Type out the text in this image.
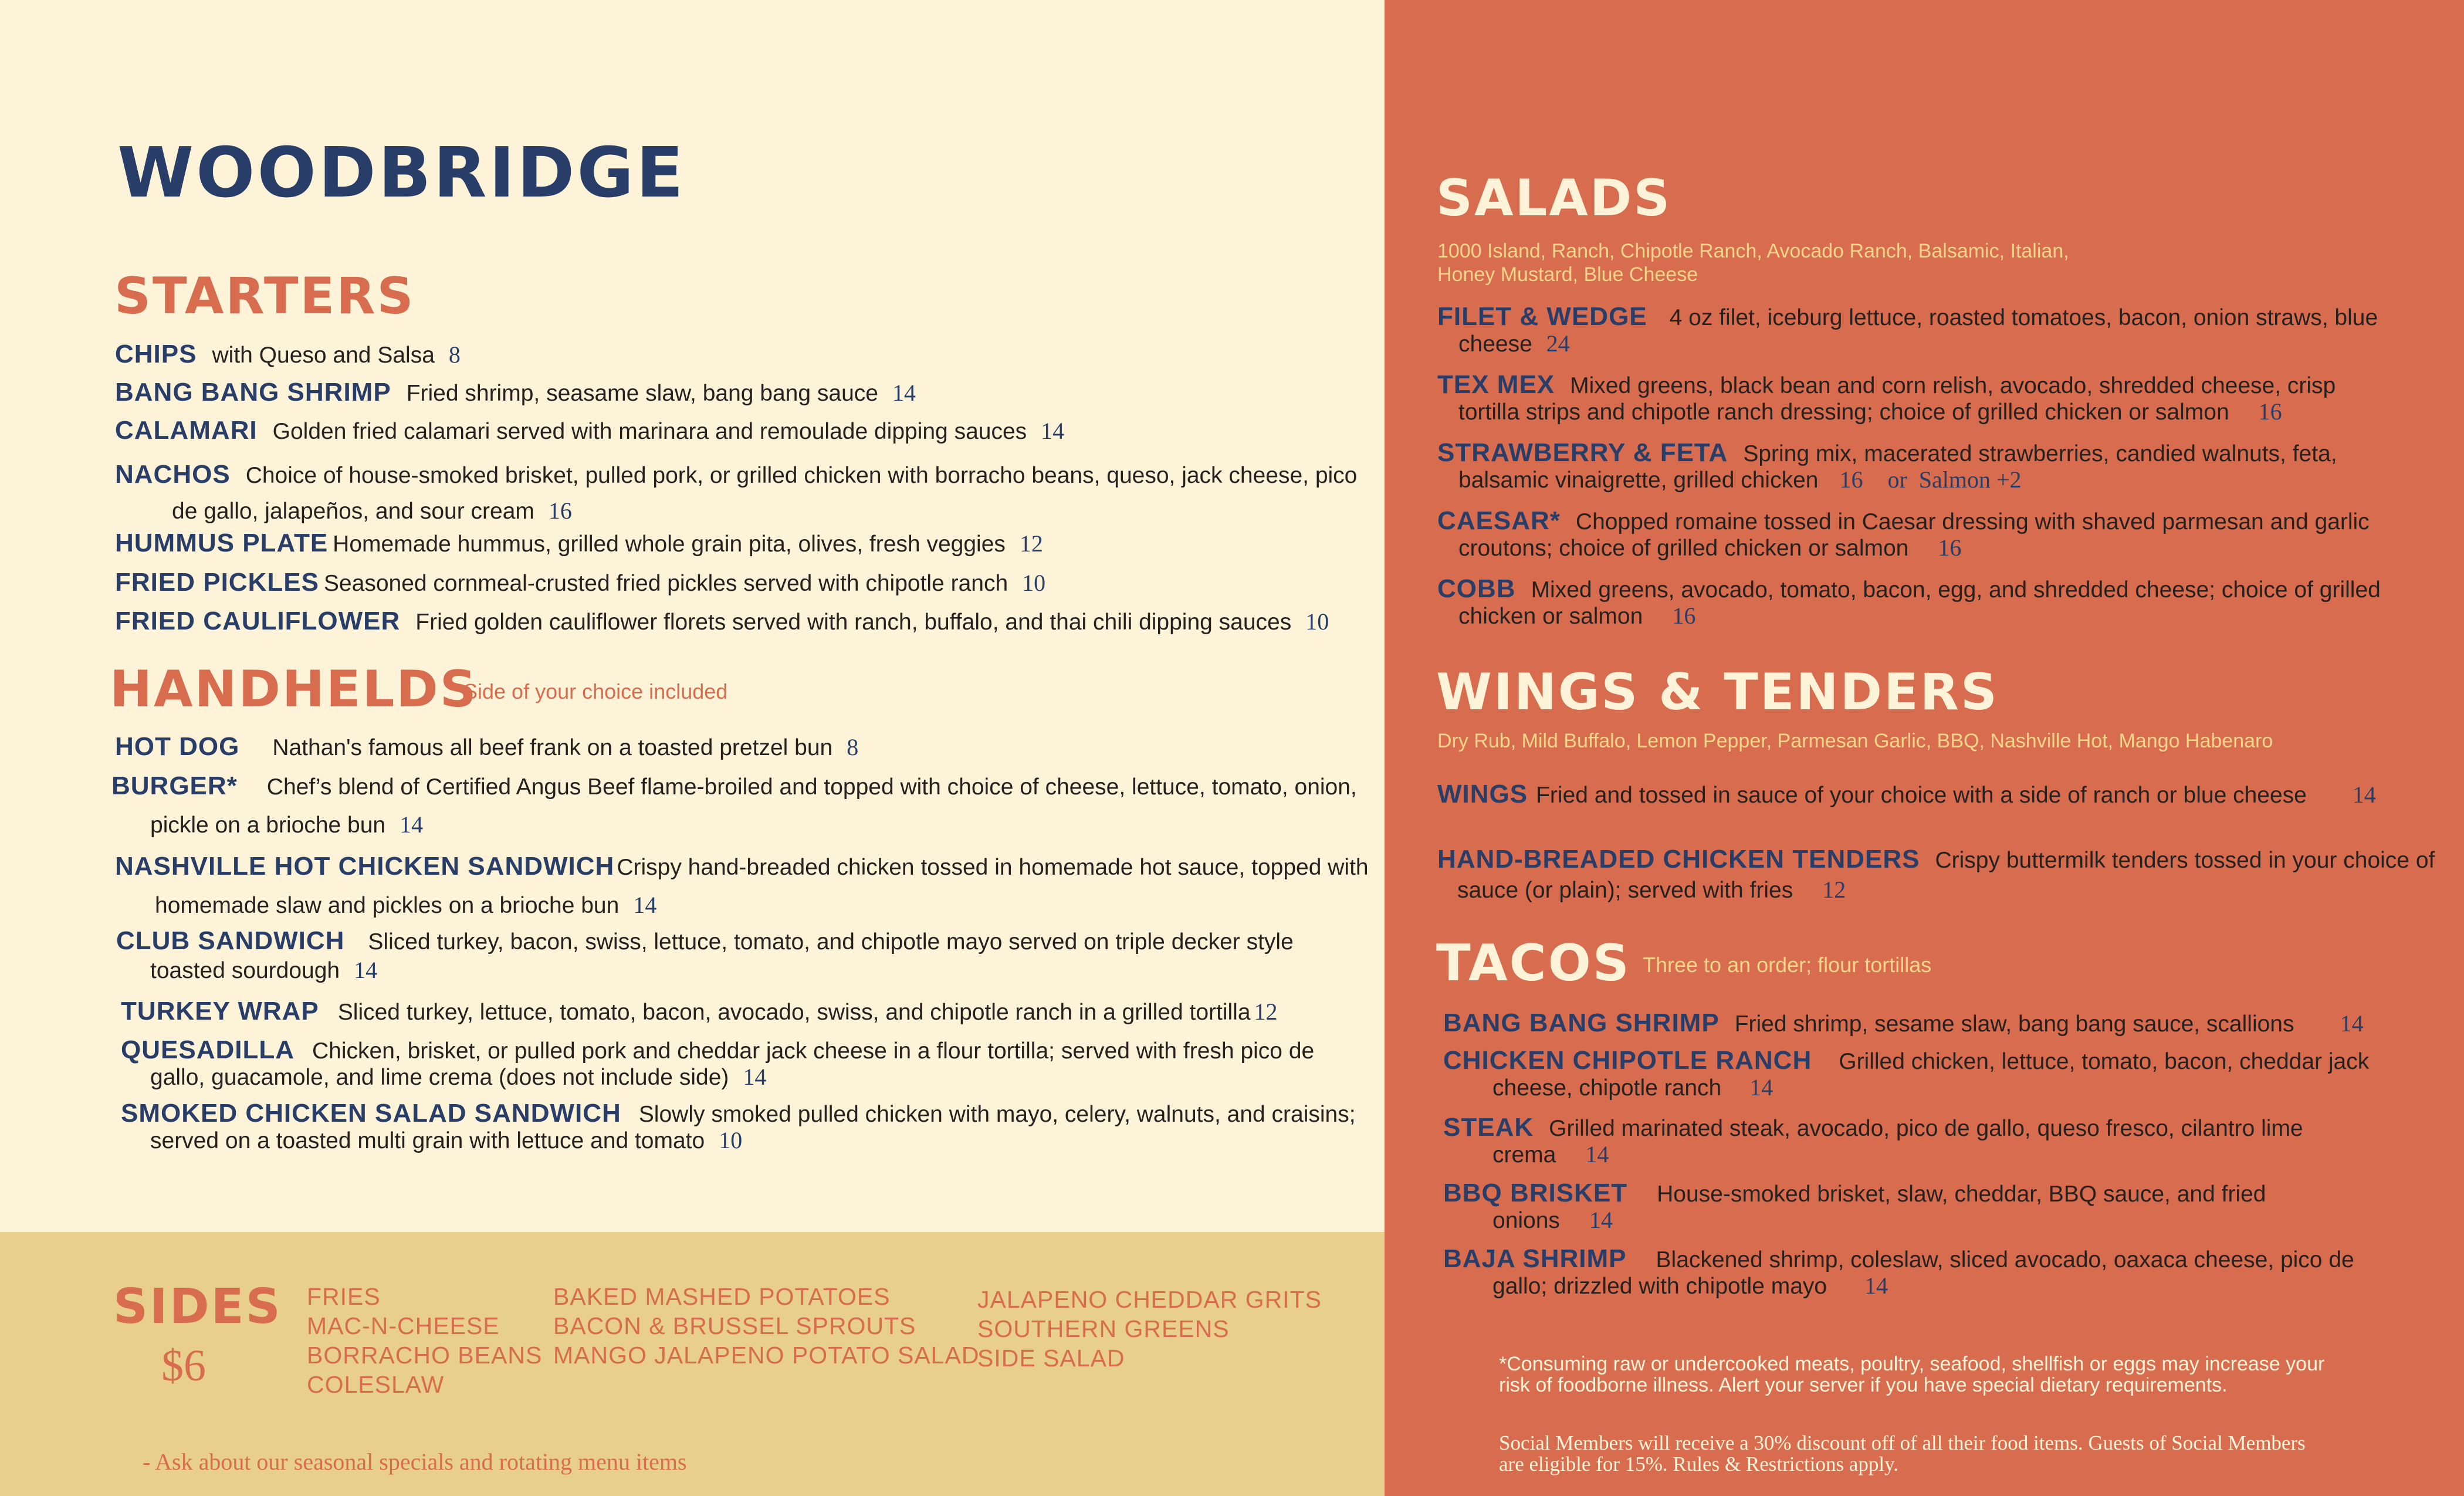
WOODBRIDGE
STARTERS
CHIPS with Queso and Salsa 8
BANG BANG SHRIMP Fried shrimp, seasame slaw, bang bang sauce 14
CALAMARI Golden fried calamari served with marinara and remoulade dipping sauces 14
NACHOS Choice of house-smoked brisket, pulled pork, or grilled chicken with borracho beans, queso, jack cheese, pico
de gallo, jalapeños, and sour cream 16
HUMMUS PLATE Homemade hummus, grilled whole grain pita, olives, fresh veggies 12
FRIED PICKLES Seasoned cornmeal-crusted fried pickles served with chipotle ranch 10
FRIED CAULIFLOWER Fried golden cauliflower florets served with ranch, buffalo, and thai chili dipping sauces 10
HANDHELDS
Side of your choice included
HOT DOG Nathan's famous all beef frank on a toasted pretzel bun 8
BURGER* Chef’s blend of Certified Angus Beef flame-broiled and topped with choice of cheese, lettuce, tomato, onion,
pickle on a brioche bun 14
NASHVILLE HOT CHICKEN SANDWICH Crispy hand-breaded chicken tossed in homemade hot sauce, topped with
homemade slaw and pickles on a brioche bun 14
CLUB SANDWICH Sliced turkey, bacon, swiss, lettuce, tomato, and chipotle mayo served on triple decker style
toasted sourdough 14
TURKEY WRAP Sliced turkey, lettuce, tomato, bacon, avocado, swiss, and chipotle ranch in a grilled tortilla 12
QUESADILLA Chicken, brisket, or pulled pork and cheddar jack cheese in a flour tortilla; served with fresh pico de
gallo, guacamole, and lime crema (does not include side) 14
SMOKED CHICKEN SALAD SANDWICH Slowly smoked pulled chicken with mayo, celery, walnuts, and craisins;
served on a toasted multi grain with lettuce and tomato 10
SIDES
$6
FRIES
MAC-N-CHEESE
BORRACHO BEANS
COLESLAW
BAKED MASHED POTATOES
BACON & BRUSSEL SPROUTS
MANGO JALAPENO POTATO SALAD
JALAPENO CHEDDAR GRITS
SOUTHERN GREENS
SIDE SALAD
- Ask about our seasonal specials and rotating menu items
SALADS
1000 Island, Ranch, Chipotle Ranch, Avocado Ranch, Balsamic, Italian,
Honey Mustard, Blue Cheese
FILET & WEDGE 4 oz filet, iceburg lettuce, roasted tomatoes, bacon, onion straws, blue
cheese 24
TEX MEX Mixed greens, black bean and corn relish, avocado, shredded cheese, crisp
tortilla strips and chipotle ranch dressing; choice of grilled chicken or salmon 16
STRAWBERRY & FETA Spring mix, macerated strawberries, candied walnuts, feta,
balsamic vinaigrette, grilled chicken 16 or  Salmon +2
CAESAR* Chopped romaine tossed in Caesar dressing with shaved parmesan and garlic
croutons; choice of grilled chicken or salmon 16
COBB Mixed greens, avocado, tomato, bacon, egg, and shredded cheese; choice of grilled
chicken or salmon 16
WINGS & TENDERS
Dry Rub, Mild Buffalo, Lemon Pepper, Parmesan Garlic, BBQ, Nashville Hot, Mango Habenaro
WINGS Fried and tossed in sauce of your choice with a side of ranch or blue cheese 14
HAND-BREADED CHICKEN TENDERS Crispy buttermilk tenders tossed in your choice of
sauce (or plain); served with fries 12
TACOS Three to an order; flour tortillas
BANG BANG SHRIMP Fried shrimp, sesame slaw, bang bang sauce, scallions 14
CHICKEN CHIPOTLE RANCH Grilled chicken, lettuce, tomato, bacon, cheddar jack
cheese, chipotle ranch 14
STEAK Grilled marinated steak, avocado, pico de gallo, queso fresco, cilantro lime
crema 14
BBQ BRISKET House-smoked brisket, slaw, cheddar, BBQ sauce, and fried
onions 14
BAJA SHRIMP Blackened shrimp, coleslaw, sliced avocado, oaxaca cheese, pico de
gallo; drizzled with chipotle mayo 14
*Consuming raw or undercooked meats, poultry, seafood, shellfish or eggs may increase your
risk of foodborne illness. Alert your server if you have special dietary requirements.
Social Members will receive a 30% discount off of all their food items. Guests of Social Members
are eligible for 15%. Rules & Restrictions apply.
